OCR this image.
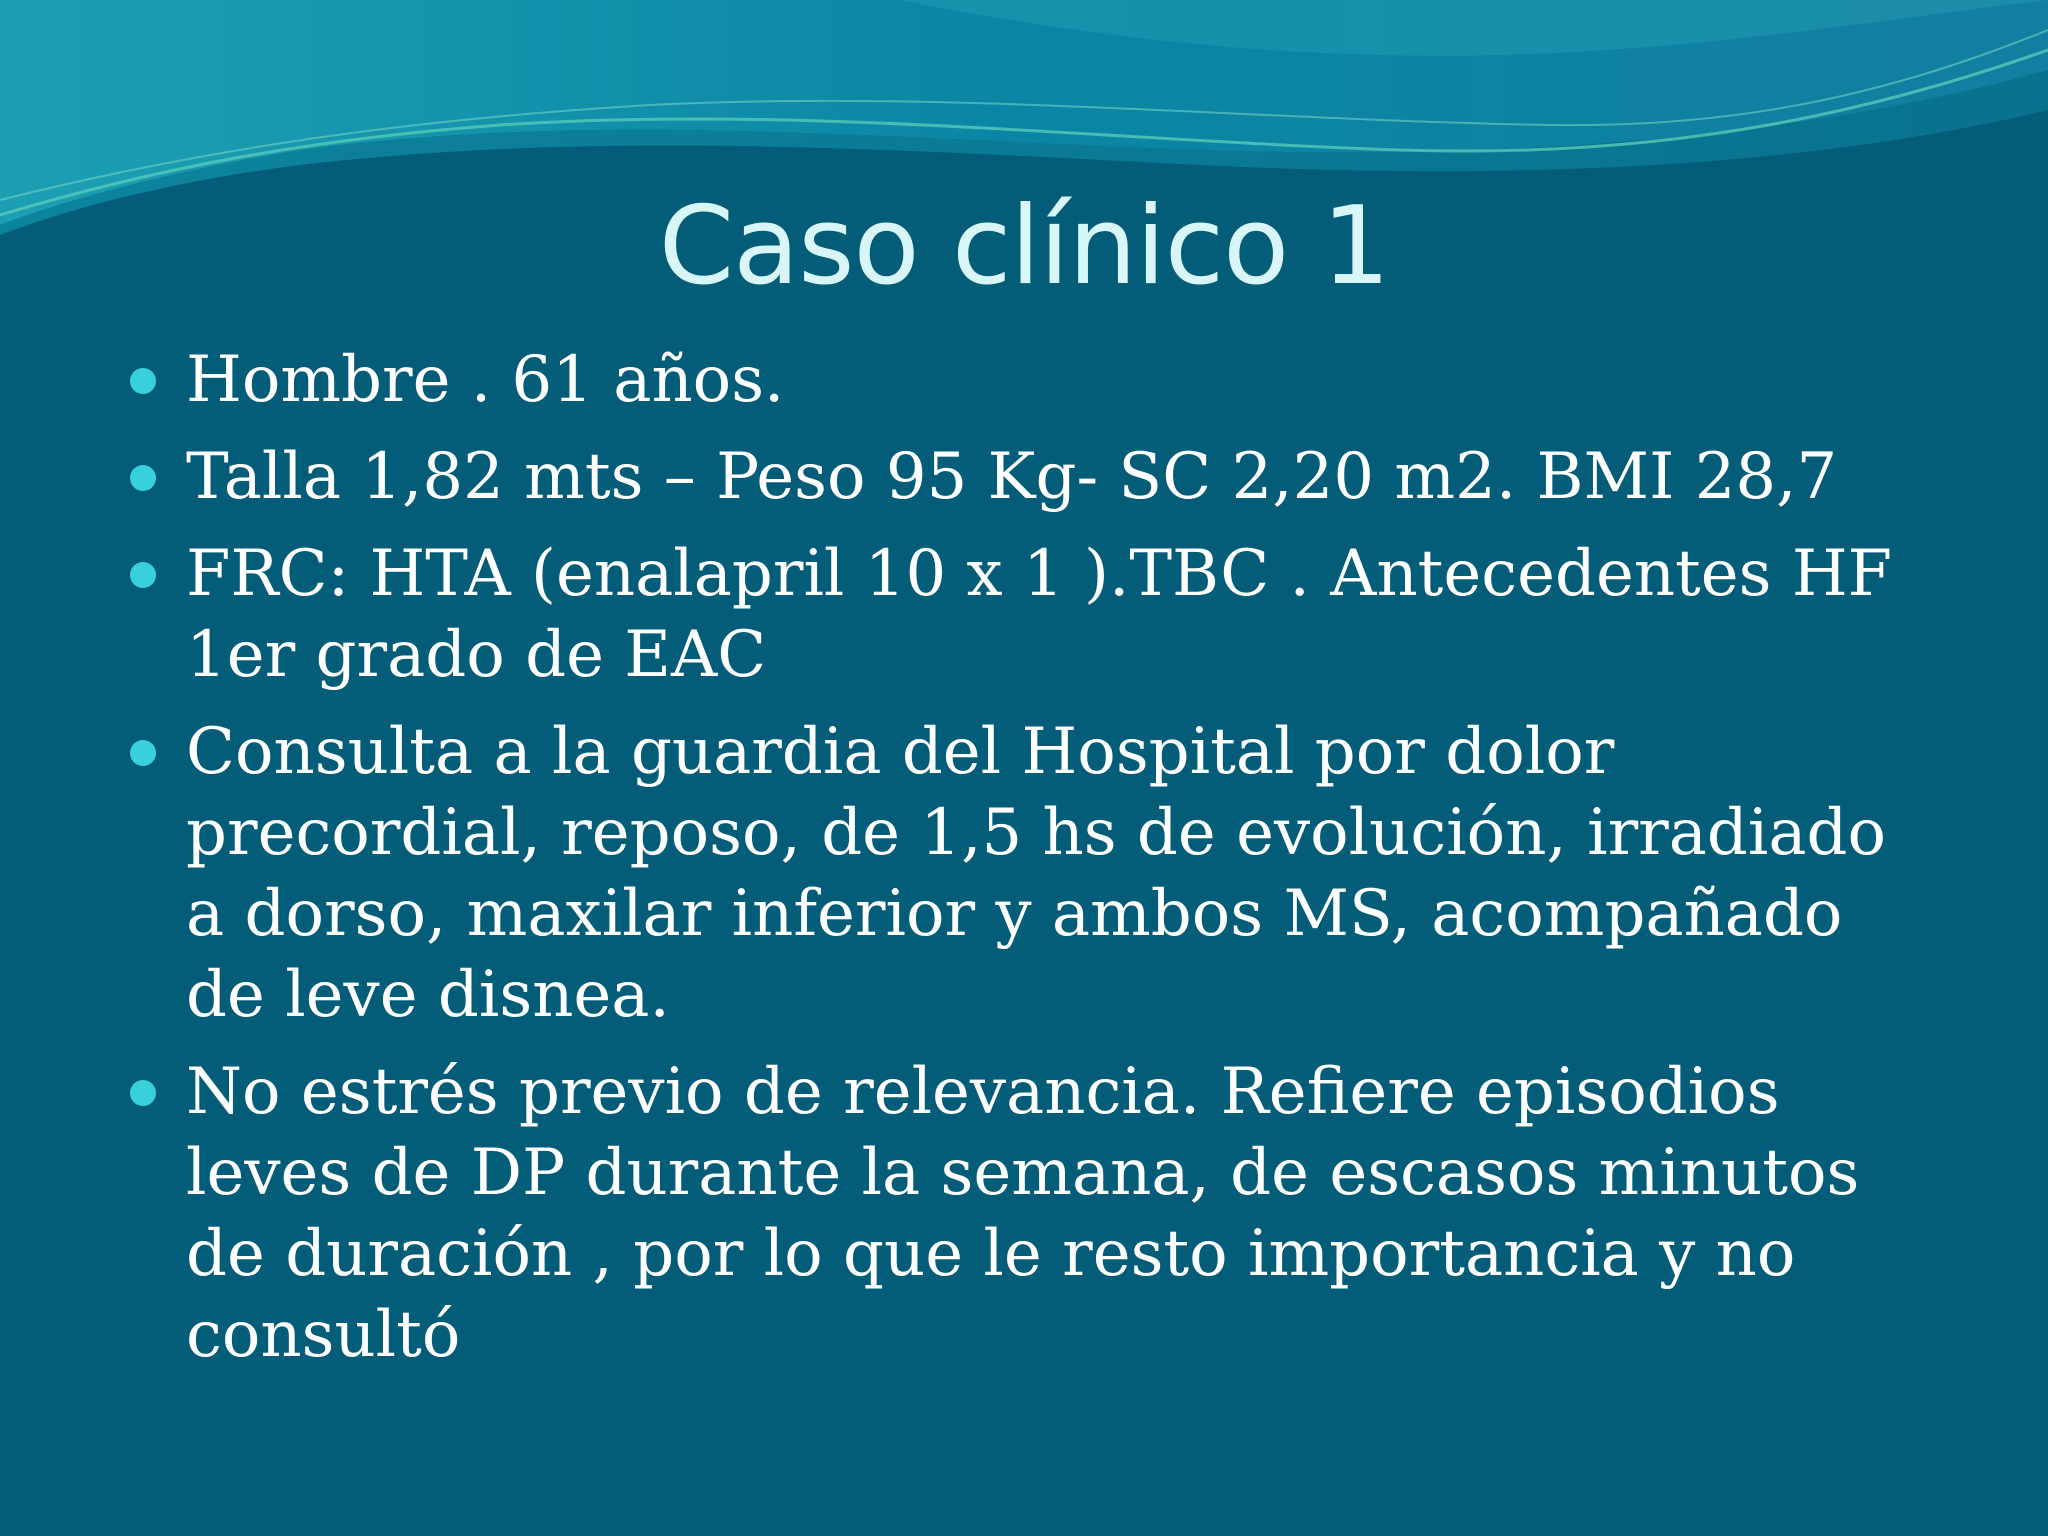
Caso clínico 1
Hombre . 61 años.
Talla 1,82 mts – Peso 95 Kg- SC 2,20 m2. BMI 28,7
FRC: HTA (enalapril 10 x 1 ).TBC . Antecedentes HF 1er grado de EAC
Consulta a la guardia del Hospital por dolor precordial, reposo, de 1,5 hs de evolución, irradiado a dorso, maxilar inferior y ambos MS, acompañado de leve disnea.
No estrés previo de relevancia. Refiere episodios leves de DP durante la semana, de escasos minutos de duración , por lo que le resto importancia y no consultó
